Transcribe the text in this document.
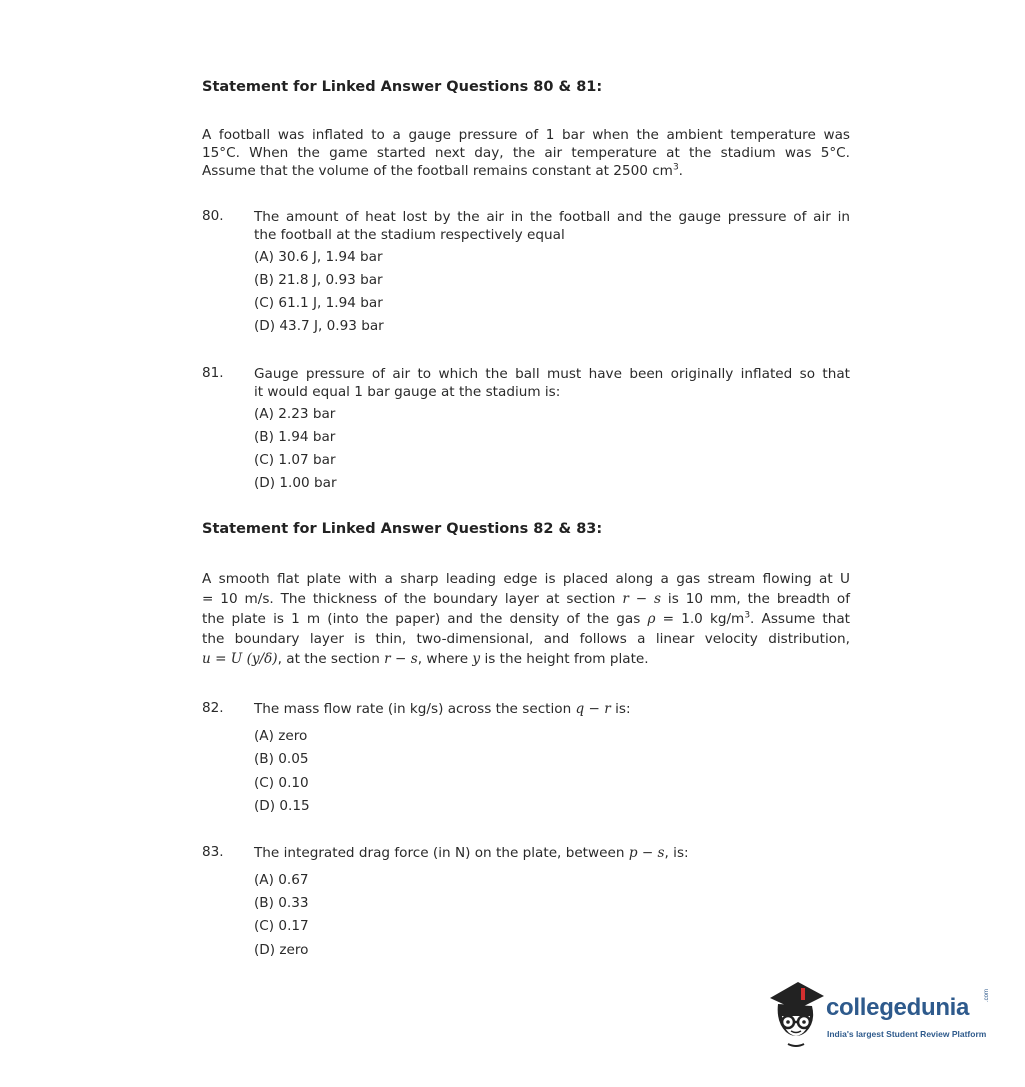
Statement for Linked Answer Questions 80 & 81:
A football was inflated to a gauge pressure of 1 bar when the ambient temperature was
15°C. When the game started next day, the air temperature at the stadium was 5°C.
Assume that the volume of the football remains constant at 2500 $cm^3$.
80. The amount of heat lost by the air in the football and the gauge pressure of air in
the football at the stadium respectively equal
(A) 30.6 J, 1.94 bar
(B) 21.8 J, 0.93 bar
(C) 61.1 J, 1.94 bar
(D) 43.7 J, 0.93 bar
81. Gauge pressure of air to which the ball must have been originally inflated so that
it would equal 1 bar gauge at the stadium is:
(A) 2.23 bar
(B) 1.94 bar
(C) 1.07 bar
(D) 1.00 bar
Statement for Linked Answer Questions 82 & 83:
A smooth flat plate with a sharp leading edge is placed along a gas stream flowing at U
= 10 m/s. The thickness of the boundary layer at section r − s is 10 mm, the breadth of
the plate is 1 m (into the paper) and the density of the gas ρ = 1.0 $kg/m^3$. Assume that
the boundary layer is thin, two-dimensional, and follows a linear velocity distribution,
u = U (y/δ), at the section r − s, where y is the height from plate.
82. The mass flow rate (in kg/s) across the section q − r is:
(A) zero
(B) 0.05
(C) 0.10
(D) 0.15
83. The integrated drag force (in N) on the plate, between p − s, is:
(A) 0.67
(B) 0.33
(C) 0.17
(D) zero
collegedunia .com
India's largest Student Review Platform
